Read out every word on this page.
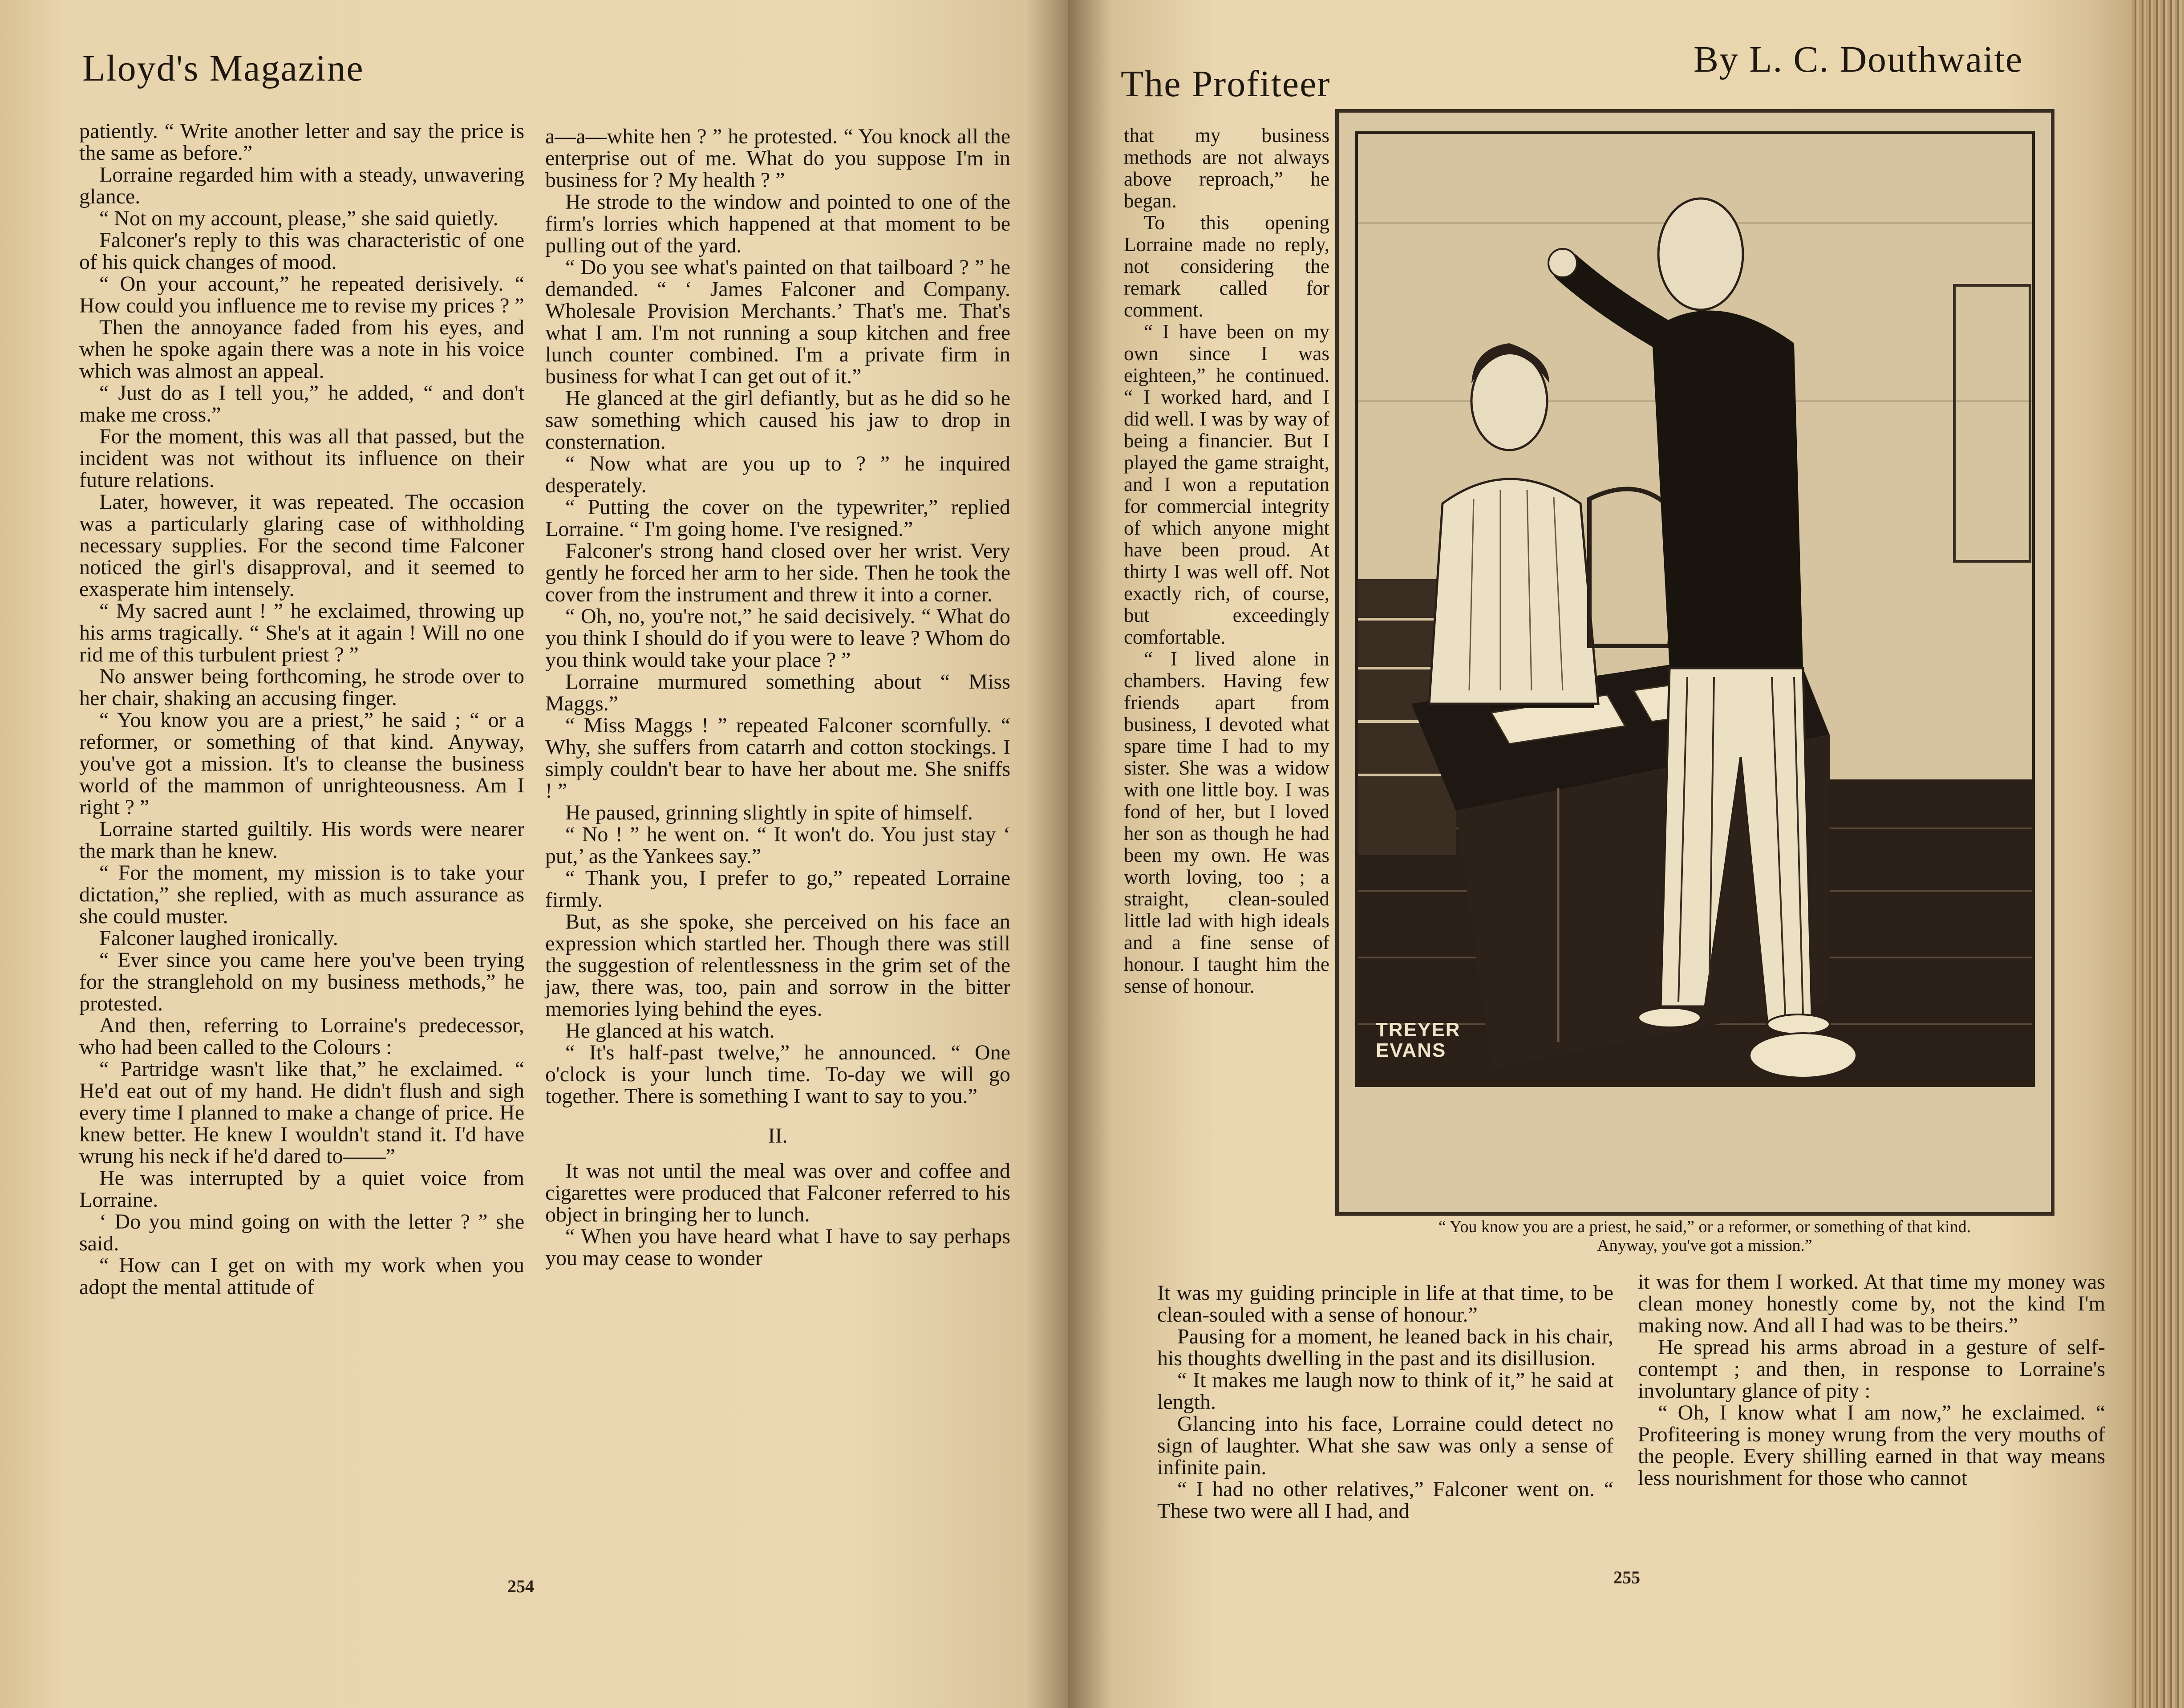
Lloyd's Magazine

patiently. “ Write another letter and say the price is the same as before.”

Lorraine regarded him with a steady, unwavering glance.

“ Not on my account, please,” she said quietly.

Falconer's reply to this was characteristic of one of his quick changes of mood.

“ On your account,” he repeated derisively. “ How could you influence me to revise my prices ? ”

Then the annoyance faded from his eyes, and when he spoke again there was a note in his voice which was almost an appeal.

“ Just do as I tell you,” he added, “ and don't make me cross.”

For the moment, this was all that passed, but the incident was not without its influence on their future relations.

Later, however, it was repeated. The occasion was a particularly glaring case of withholding necessary supplies. For the second time Falconer noticed the girl's disapproval, and it seemed to exasperate him intensely.

“ My sacred aunt ! ” he exclaimed, throwing up his arms tragically. “ She's at it again ! Will no one rid me of this turbulent priest ? ”

No answer being forthcoming, he strode over to her chair, shaking an accusing finger.

“ You know you are a priest,” he said ; “ or a reformer, or something of that kind. Anyway, you've got a mission. It's to cleanse the business world of the mammon of unrighteousness. Am I right ? ”

Lorraine started guiltily. His words were nearer the mark than he knew.

“ For the moment, my mission is to take your dictation,” she replied, with as much assurance as she could muster.

Falconer laughed ironically.

“ Ever since you came here you've been trying for the stranglehold on my business methods,” he protested.

And then, referring to Lorraine's predecessor, who had been called to the Colours :

“ Partridge wasn't like that,” he exclaimed. “ He'd eat out of my hand. He didn't flush and sigh every time I planned to make a change of price. He knew better. He knew I wouldn't stand it. I'd have wrung his neck if he'd dared to——”

He was interrupted by a quiet voice from Lorraine.

‘ Do you mind going on with the letter ? ” she said.

“ How can I get on with my work when you adopt the mental attitude of

a—a—white hen ? ” he protested. “ You knock all the enterprise out of me. What do you suppose I'm in business for ? My health ? ”

He strode to the window and pointed to one of the firm's lorries which happened at that moment to be pulling out of the yard.

“ Do you see what's painted on that tailboard ? ” he demanded. “ ‘ James Falconer and Company. Wholesale Provision Merchants.’ That's me. That's what I am. I'm not running a soup kitchen and free lunch counter combined. I'm a private firm in business for what I can get out of it.”

He glanced at the girl defiantly, but as he did so he saw something which caused his jaw to drop in consternation.

“ Now what are you up to ? ” he inquired desperately.

“ Putting the cover on the typewriter,” replied Lorraine. “ I'm going home. I've resigned.”

Falconer's strong hand closed over her wrist. Very gently he forced her arm to her side. Then he took the cover from the instrument and threw it into a corner.

“ Oh, no, you're not,” he said decisively. “ What do you think I should do if you were to leave ? Whom do you think would take your place ? ”

Lorraine murmured something about “ Miss Maggs.”

“ Miss Maggs ! ” repeated Falconer scornfully. “ Why, she suffers from catarrh and cotton stockings. I simply couldn't bear to have her about me. She sniffs ! ”

He paused, grinning slightly in spite of himself.

“ No ! ” he went on. “ It won't do. You just stay ‘ put,’ as the Yankees say.”

“ Thank you, I prefer to go,” repeated Lorraine firmly.

But, as she spoke, she perceived on his face an expression which startled her. Though there was still the suggestion of relentlessness in the grim set of the jaw, there was, too, pain and sorrow in the bitter memories lying behind the eyes.

He glanced at his watch.

“ It's half-past twelve,” he announced. “ One o'clock is your lunch time. To-day we will go together. There is something I want to say to you.”

II.

It was not until the meal was over and coffee and cigarettes were produced that Falconer referred to his object in bringing her to lunch.

“ When you have heard what I have to say perhaps you may cease to wonder

254
The Profiteer
By L. C. Douthwaite

that my business methods are not always above reproach,” he began.

To this opening Lorraine made no reply, not considering the remark called for comment.

“ I have been on my own since I was eighteen,” he continued. “ I worked hard, and I did well. I was by way of being a financier. But I played the game straight, and I won a reputation for commercial integrity of which anyone might have been proud. At thirty I was well off. Not exactly rich, of course, but exceedingly comfortable.

“ I lived alone in chambers. Having few friends apart from business, I devoted what spare time I had to my sister. She was a widow with one little boy. I was fond of her, but I loved her son as though he had been my own. He was worth loving, too ; a straight, clean-souled little lad with high ideals and a fine sense of honour. I taught him the sense of honour.

It was my guiding principle in life at that time, to be clean-souled with a sense of honour.”

Pausing for a moment, he leaned back in his chair, his thoughts dwelling in the past and its disillusion.

“ It makes me laugh now to think of it,” he said at length.

Glancing into his face, Lorraine could detect no sign of laughter. What she saw was only a sense of infinite pain.

“ I had no other relatives,” Falconer went on. “ These two were all I had, and

it was for them I worked. At that time my money was clean money honestly come by, not the kind I'm making now. And all I had was to be theirs.”

He spread his arms abroad in a gesture of self-contempt ; and then, in response to Lorraine's involuntary glance of pity :

“ Oh, I know what I am now,” he exclaimed. “ Profiteering is money wrung from the very mouths of the people. Every shilling earned in that way means less nourishment for those who cannot

255
TREYER EVANS
“ You know you are a priest, he said,” or a reformer, or something of that kind.
Anyway, you've got a mission.”
